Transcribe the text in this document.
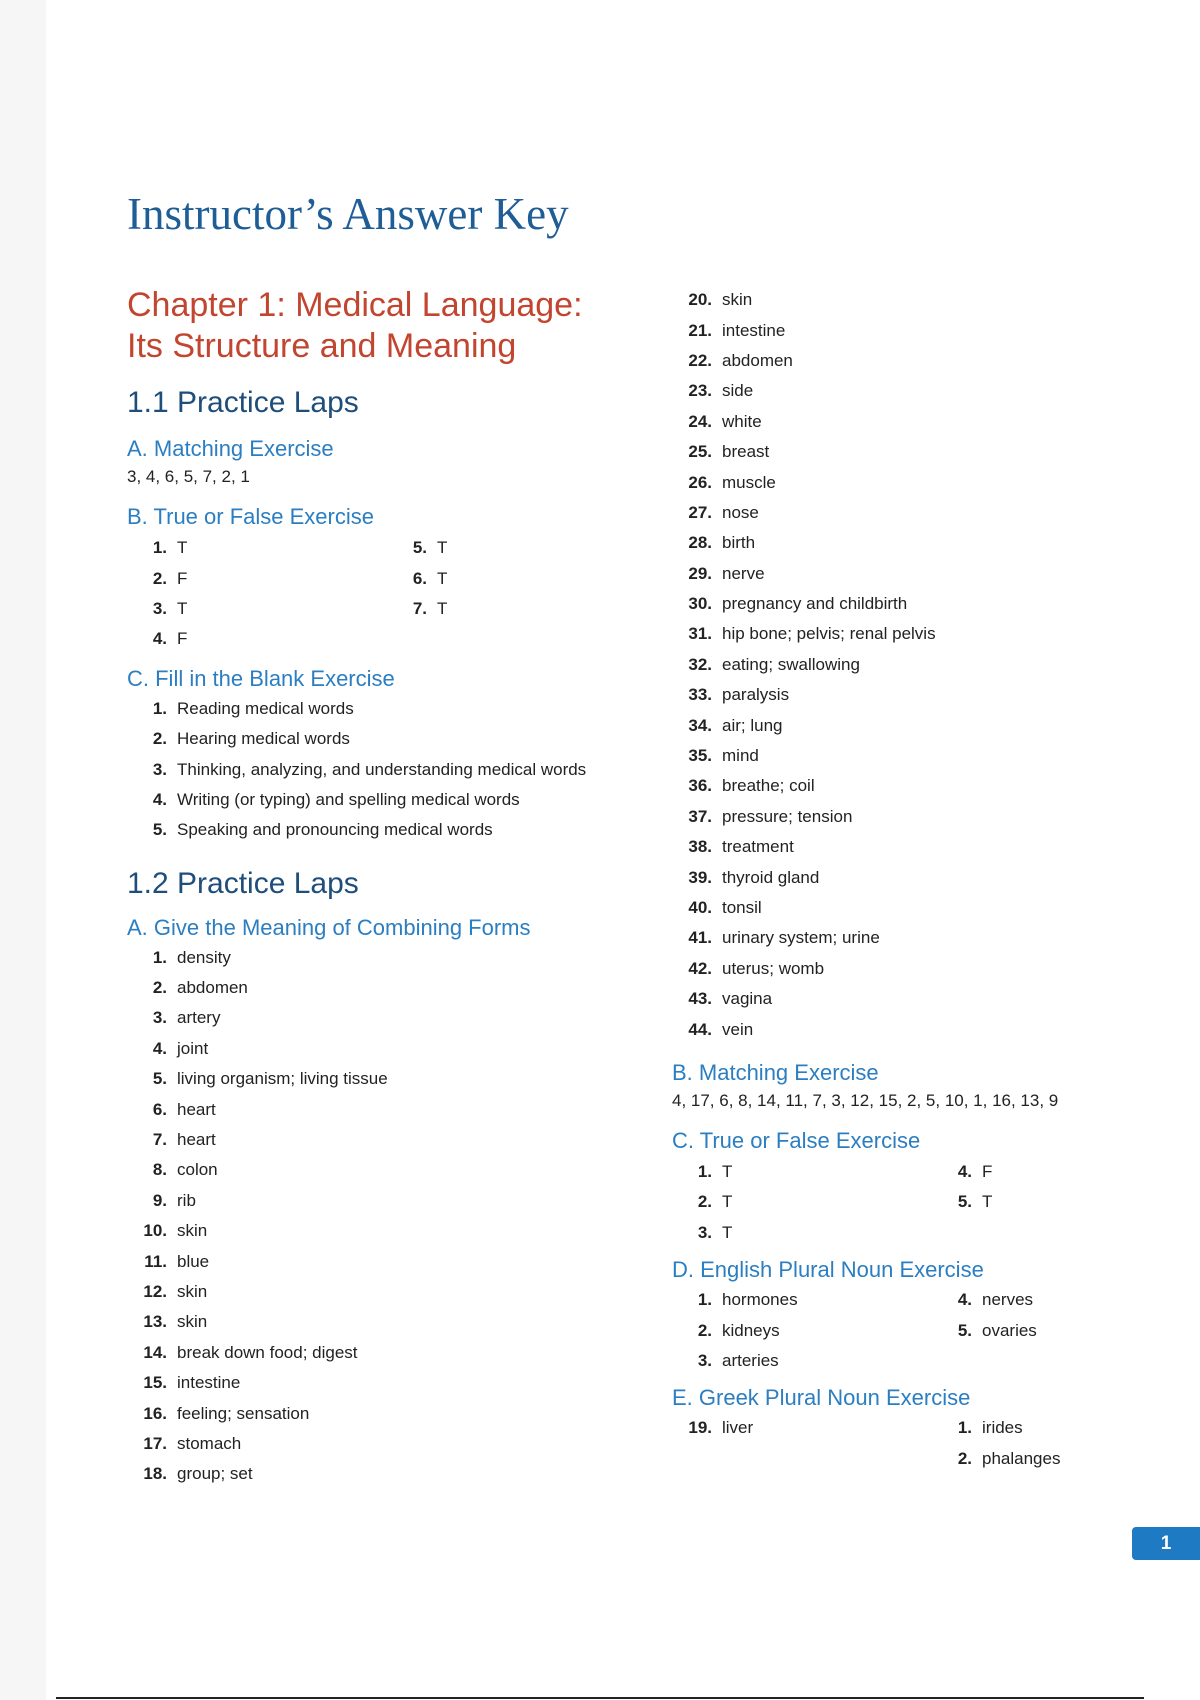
Instructor’s Answer Key
Chapter 1: Medical Language:
Its Structure and Meaning
1.1 Practice Laps
A. Matching Exercise
3, 4, 6, 5, 7, 2, 1
B. True or False Exercise
1. T
2. F
3. T
4. F
5. T
6. T
7. T
C. Fill in the Blank Exercise
1. Reading medical words
2. Hearing medical words
3. Thinking, analyzing, and understanding medical words
4. Writing (or typing) and spelling medical words
5. Speaking and pronouncing medical words
1.2 Practice Laps
A. Give the Meaning of Combining Forms
1. density
2. abdomen
3. artery
4. joint
5. living organism; living tissue
6. heart
7. heart
8. colon
9. rib
10. skin
11. blue
12. skin
13. skin
14. break down food; digest
15. intestine
16. feeling; sensation
17. stomach
18. group; set
20. skin
21. intestine
22. abdomen
23. side
24. white
25. breast
26. muscle
27. nose
28. birth
29. nerve
30. pregnancy and childbirth
31. hip bone; pelvis; renal pelvis
32. eating; swallowing
33. paralysis
34. air; lung
35. mind
36. breathe; coil
37. pressure; tension
38. treatment
39. thyroid gland
40. tonsil
41. urinary system; urine
42. uterus; womb
43. vagina
44. vein
B. Matching Exercise
4, 17, 6, 8, 14, 11, 7, 3, 12, 15, 2, 5, 10, 1, 16, 13, 9
C. True or False Exercise
1. T
2. T
3. T
4. F
5. T
D. English Plural Noun Exercise
1. hormones
2. kidneys
3. arteries
4. nerves
5. ovaries
E. Greek Plural Noun Exercise
19. liver	1. irides
2. phalanges
1
